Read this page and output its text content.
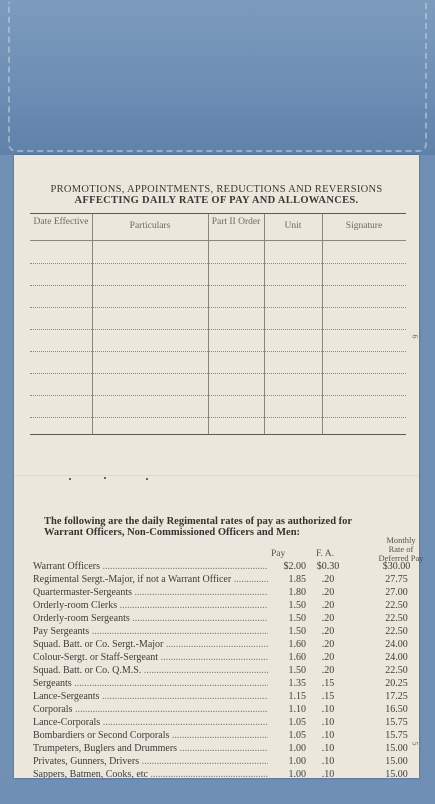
6
PROMOTIONS, APPOINTMENTS, REDUCTIONS AND REVERSIONS
AFFECTING DAILY RATE OF PAY AND ALLOWANCES.
Date Effective	Particulars	Part II Order	Unit	Signature
The following are the daily Regimental rates of pay as authorized for
Warrant Officers, Non-Commissioned Officers and Men:
Monthly
Rate of
Deferred Pay
Pay	F. A.
Warrant Officers .....	$2.00	$0.30	$30.00
Regimental Sergt.-Major, if not a Warrant Officer .....	1.85	.20	27.75
Quartermaster-Sergeants .....	1.80	.20	27.00
Orderly-room Clerks .....	1.50	.20	22.50
Orderly-room Sergeants .....	1.50	.20	22.50
Pay Sergeants .....	1.50	.20	22.50
Squad. Batt. or Co. Sergt.-Major .....	1.60	.20	24.00
Colour-Sergt. or Staff-Sergeant .....	1.60	.20	24.00
Squad. Batt. or Co. Q.M.S. .....	1.50	.20	22.50
Sergeants .....	1.35	.15	20.25
Lance-Sergeants .....	1.15	.15	17.25
Corporals .....	1.10	.10	16.50
Lance-Corporals .....	1.05	.10	15.75
Bombardiers or Second Corporals .....	1.05	.10	15.75
Trumpeters, Buglers and Drummers .....	1.00	.10	15.00
Privates, Gunners, Drivers .....	1.00	.10	15.00
Sappers, Batmen, Cooks, etc .....	1.00	.10	15.00
5
